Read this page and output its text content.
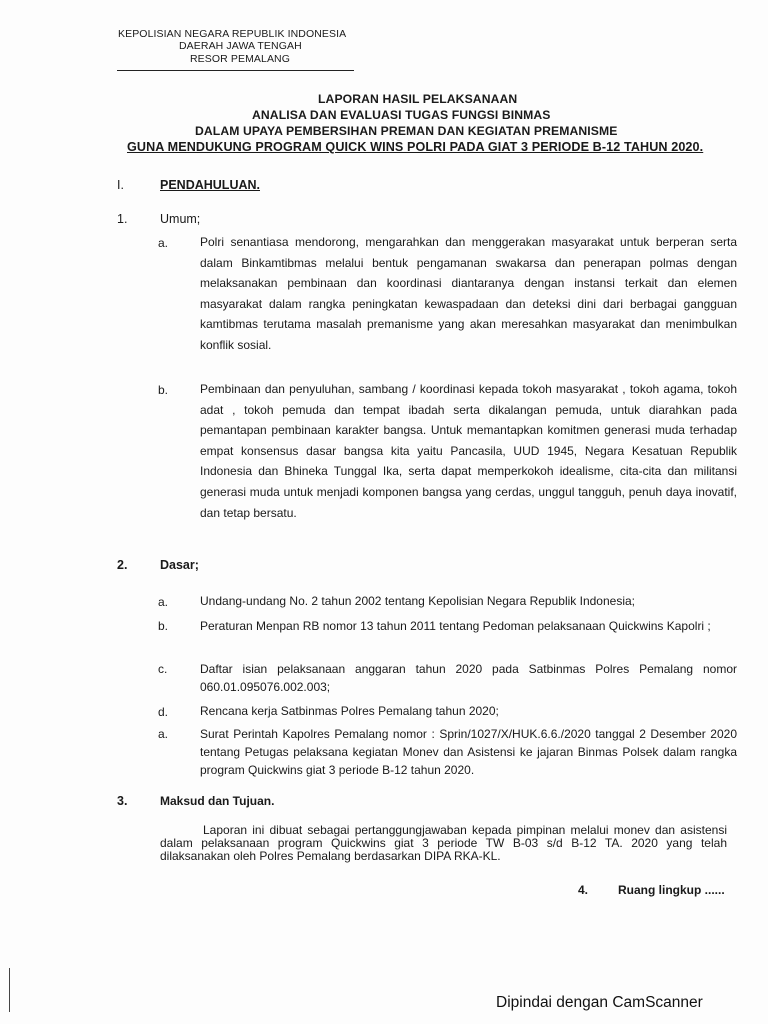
KEPOLISIAN NEGARA REPUBLIK INDONESIA
DAERAH JAWA TENGAH
RESOR PEMALANG
LAPORAN HASIL PELAKSANAAN
ANALISA DAN EVALUASI TUGAS FUNGSI BINMAS
DALAM UPAYA PEMBERSIHAN PREMAN DAN KEGIATAN PREMANISME
GUNA MENDUKUNG PROGRAM QUICK WINS POLRI PADA GIAT 3 PERIODE B-12 TAHUN 2020.
I.	PENDAHULUAN.
1.	Umum;
a.	Polri senantiasa mendorong, mengarahkan dan menggerakan masyarakat untuk berperan serta dalam Binkamtibmas melalui bentuk pengamanan swakarsa dan penerapan polmas dengan melaksanakan pembinaan dan koordinasi diantaranya dengan instansi terkait dan elemen masyarakat dalam rangka peningkatan kewaspadaan dan deteksi dini dari berbagai gangguan kamtibmas terutama masalah premanisme yang akan meresahkan masyarakat dan menimbulkan konflik sosial.
b.	Pembinaan dan penyuluhan, sambang / koordinasi kepada tokoh masyarakat , tokoh agama, tokoh adat , tokoh pemuda dan tempat ibadah serta dikalangan pemuda, untuk diarahkan pada pemantapan pembinaan karakter bangsa. Untuk memantapkan komitmen generasi muda terhadap empat konsensus dasar bangsa kita yaitu Pancasila, UUD 1945, Negara Kesatuan Republik Indonesia dan Bhineka Tunggal Ika, serta dapat memperkokoh idealisme, cita-cita dan militansi generasi muda untuk menjadi komponen bangsa yang cerdas, unggul tangguh, penuh daya inovatif, dan tetap bersatu.
2.	Dasar;
a.	Undang-undang No. 2 tahun 2002 tentang Kepolisian Negara Republik Indonesia;
b.	Peraturan Menpan RB nomor 13 tahun 2011 tentang Pedoman pelaksanaan Quickwins Kapolri ;
c.	Daftar isian pelaksanaan anggaran tahun 2020 pada Satbinmas Polres Pemalang nomor 060.01.095076.002.003;
d.	Rencana kerja Satbinmas Polres Pemalang tahun 2020;
a.	Surat Perintah Kapolres Pemalang nomor : Sprin/1027/X/HUK.6.6./2020 tanggal 2 Desember 2020 tentang Petugas pelaksana kegiatan Monev dan Asistensi ke jajaran Binmas Polsek dalam rangka program Quickwins giat 3 periode B-12 tahun 2020.
3.	Maksud dan Tujuan.
Laporan ini dibuat sebagai pertanggungjawaban kepada pimpinan melalui monev dan asistensi dalam pelaksanaan program Quickwins giat 3 periode TW B-03 s/d B-12 TA. 2020 yang telah dilaksanakan oleh Polres Pemalang berdasarkan DIPA RKA-KL.
4. Ruang lingkup ......
Dipindai dengan CamScanner
